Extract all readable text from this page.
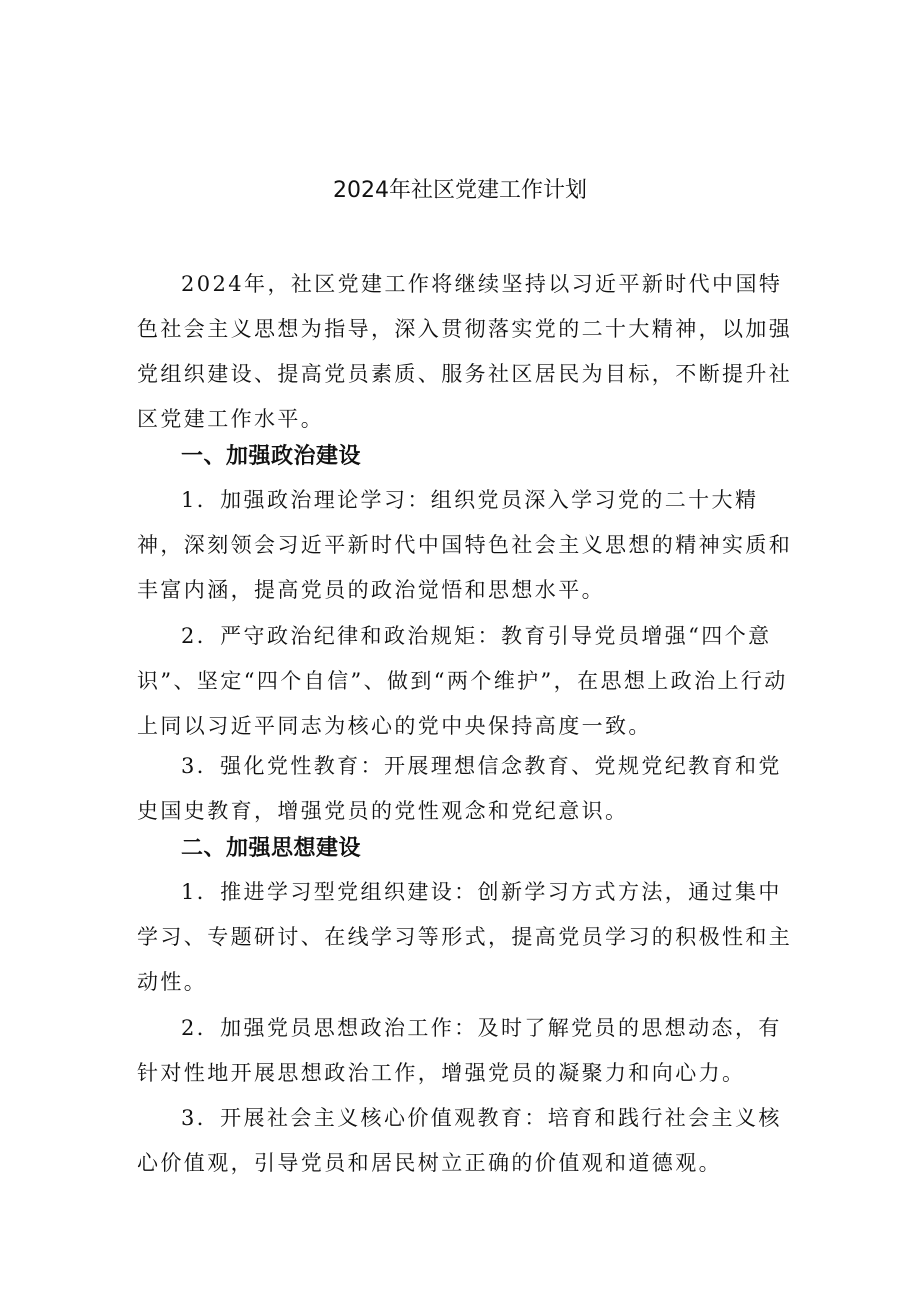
2024年社区党建工作计划

2024年，社区党建工作将继续坚持以习近平新时代中国特色社会主义思想为指导，深入贯彻落实党的二十大精神，以加强党组织建设、提高党员素质、服务社区居民为目标，不断提升社区党建工作水平。

一、加强政治建设

1．加强政治理论学习：组织党员深入学习党的二十大精神，深刻领会习近平新时代中国特色社会主义思想的精神实质和丰富内涵，提高党员的政治觉悟和思想水平。

2．严守政治纪律和政治规矩：教育引导党员增强“四个意识”、坚定“四个自信”、做到“两个维护”，在思想上政治上行动上同以习近平同志为核心的党中央保持高度一致。

3．强化党性教育：开展理想信念教育、党规党纪教育和党史国史教育，增强党员的党性观念和党纪意识。

二、加强思想建设

1．推进学习型党组织建设：创新学习方式方法，通过集中学习、专题研讨、在线学习等形式，提高党员学习的积极性和主动性。

2．加强党员思想政治工作：及时了解党员的思想动态，有针对性地开展思想政治工作，增强党员的凝聚力和向心力。

3．开展社会主义核心价值观教育：培育和践行社会主义核心价值观，引导党员和居民树立正确的价值观和道德观。
